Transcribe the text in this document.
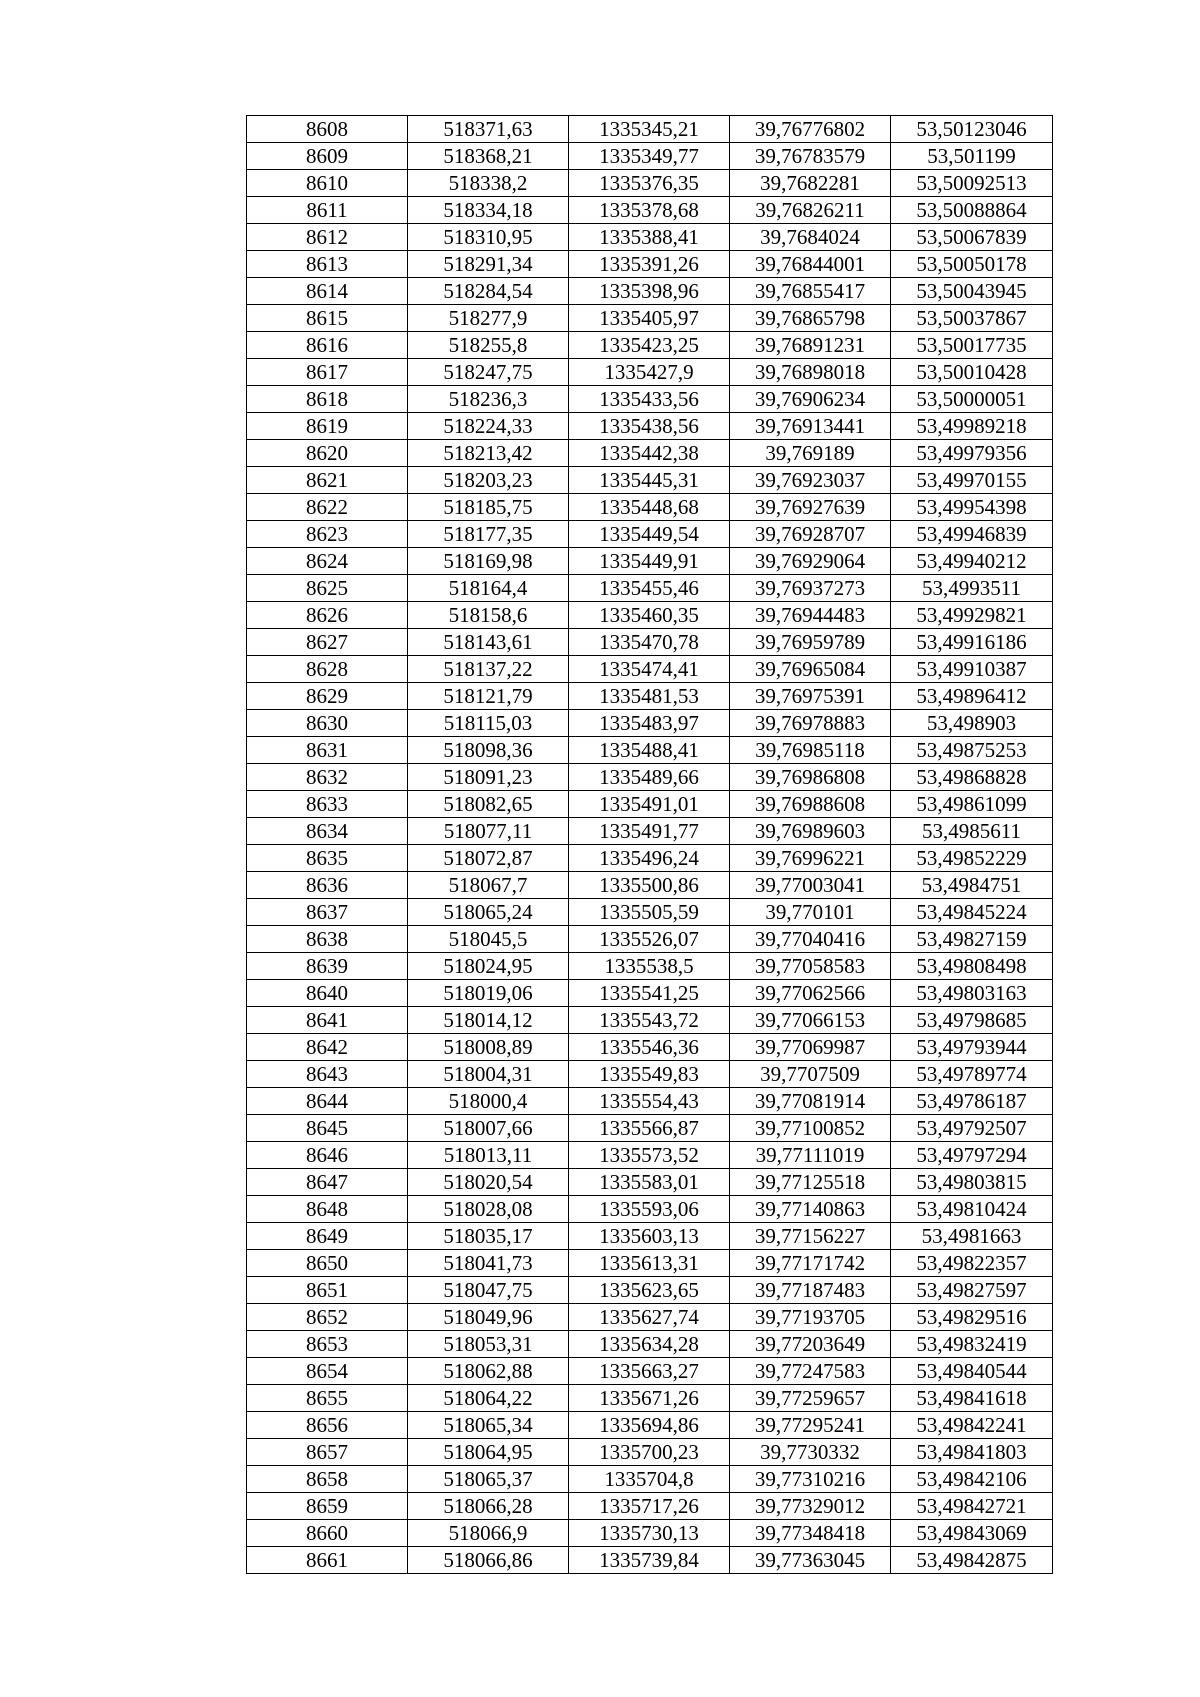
8608	518371,63	1335345,21	39,76776802	53,50123046
8609	518368,21	1335349,77	39,76783579	53,501199
8610	518338,2	1335376,35	39,7682281	53,50092513
8611	518334,18	1335378,68	39,76826211	53,50088864
8612	518310,95	1335388,41	39,7684024	53,50067839
8613	518291,34	1335391,26	39,76844001	53,50050178
8614	518284,54	1335398,96	39,76855417	53,50043945
8615	518277,9	1335405,97	39,76865798	53,50037867
8616	518255,8	1335423,25	39,76891231	53,50017735
8617	518247,75	1335427,9	39,76898018	53,50010428
8618	518236,3	1335433,56	39,76906234	53,50000051
8619	518224,33	1335438,56	39,76913441	53,49989218
8620	518213,42	1335442,38	39,769189	53,49979356
8621	518203,23	1335445,31	39,76923037	53,49970155
8622	518185,75	1335448,68	39,76927639	53,49954398
8623	518177,35	1335449,54	39,76928707	53,49946839
8624	518169,98	1335449,91	39,76929064	53,49940212
8625	518164,4	1335455,46	39,76937273	53,4993511
8626	518158,6	1335460,35	39,76944483	53,49929821
8627	518143,61	1335470,78	39,76959789	53,49916186
8628	518137,22	1335474,41	39,76965084	53,49910387
8629	518121,79	1335481,53	39,76975391	53,49896412
8630	518115,03	1335483,97	39,76978883	53,498903
8631	518098,36	1335488,41	39,76985118	53,49875253
8632	518091,23	1335489,66	39,76986808	53,49868828
8633	518082,65	1335491,01	39,76988608	53,49861099
8634	518077,11	1335491,77	39,76989603	53,4985611
8635	518072,87	1335496,24	39,76996221	53,49852229
8636	518067,7	1335500,86	39,77003041	53,4984751
8637	518065,24	1335505,59	39,770101	53,49845224
8638	518045,5	1335526,07	39,77040416	53,49827159
8639	518024,95	1335538,5	39,77058583	53,49808498
8640	518019,06	1335541,25	39,77062566	53,49803163
8641	518014,12	1335543,72	39,77066153	53,49798685
8642	518008,89	1335546,36	39,77069987	53,49793944
8643	518004,31	1335549,83	39,7707509	53,49789774
8644	518000,4	1335554,43	39,77081914	53,49786187
8645	518007,66	1335566,87	39,77100852	53,49792507
8646	518013,11	1335573,52	39,77111019	53,49797294
8647	518020,54	1335583,01	39,77125518	53,49803815
8648	518028,08	1335593,06	39,77140863	53,49810424
8649	518035,17	1335603,13	39,77156227	53,4981663
8650	518041,73	1335613,31	39,77171742	53,49822357
8651	518047,75	1335623,65	39,77187483	53,49827597
8652	518049,96	1335627,74	39,77193705	53,49829516
8653	518053,31	1335634,28	39,77203649	53,49832419
8654	518062,88	1335663,27	39,77247583	53,49840544
8655	518064,22	1335671,26	39,77259657	53,49841618
8656	518065,34	1335694,86	39,77295241	53,49842241
8657	518064,95	1335700,23	39,7730332	53,49841803
8658	518065,37	1335704,8	39,77310216	53,49842106
8659	518066,28	1335717,26	39,77329012	53,49842721
8660	518066,9	1335730,13	39,77348418	53,49843069
8661	518066,86	1335739,84	39,77363045	53,49842875
